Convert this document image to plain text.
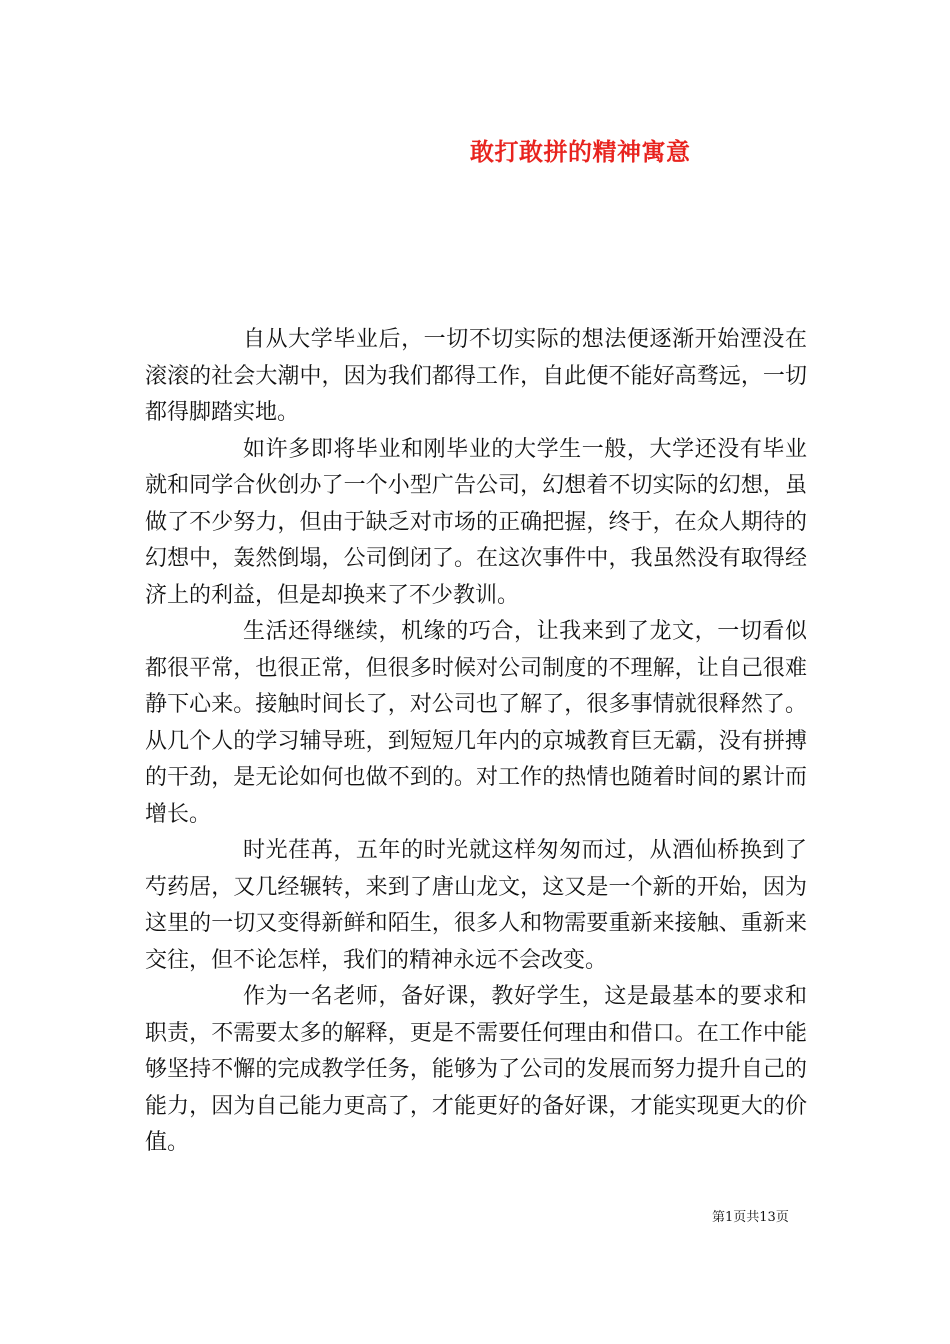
敢打敢拼的精神寓意

自从大学毕业后，一切不切实际的想法便逐渐开始湮没在滚滚的社会大潮中，因为我们都得工作，自此便不能好高骛远，一切都得脚踏实地。

如许多即将毕业和刚毕业的大学生一般，大学还没有毕业就和同学合伙创办了一个小型广告公司，幻想着不切实际的幻想，虽做了不少努力，但由于缺乏对市场的正确把握，终于，在众人期待的幻想中，轰然倒塌，公司倒闭了。在这次事件中，我虽然没有取得经济上的利益，但是却换来了不少教训。

生活还得继续，机缘的巧合，让我来到了龙文，一切看似都很平常，也很正常，但很多时候对公司制度的不理解，让自己很难静下心来。接触时间长了，对公司也了解了，很多事情就很释然了。从几个人的学习辅导班，到短短几年内的京城教育巨无霸，没有拼搏的干劲，是无论如何也做不到的。对工作的热情也随着时间的累计而增长。

时光荏苒，五年的时光就这样匆匆而过，从酒仙桥换到了芍药居，又几经辗转，来到了唐山龙文，这又是一个新的开始，因为这里的一切又变得新鲜和陌生，很多人和物需要重新来接触、重新来交往，但不论怎样，我们的精神永远不会改变。

作为一名老师，备好课，教好学生，这是最基本的要求和职责，不需要太多的解释，更是不需要任何理由和借口。在工作中能够坚持不懈的完成教学任务，能够为了公司的发展而努力提升自己的能力，因为自己能力更高了，才能更好的备好课，才能实现更大的价值。

第1页共13页
